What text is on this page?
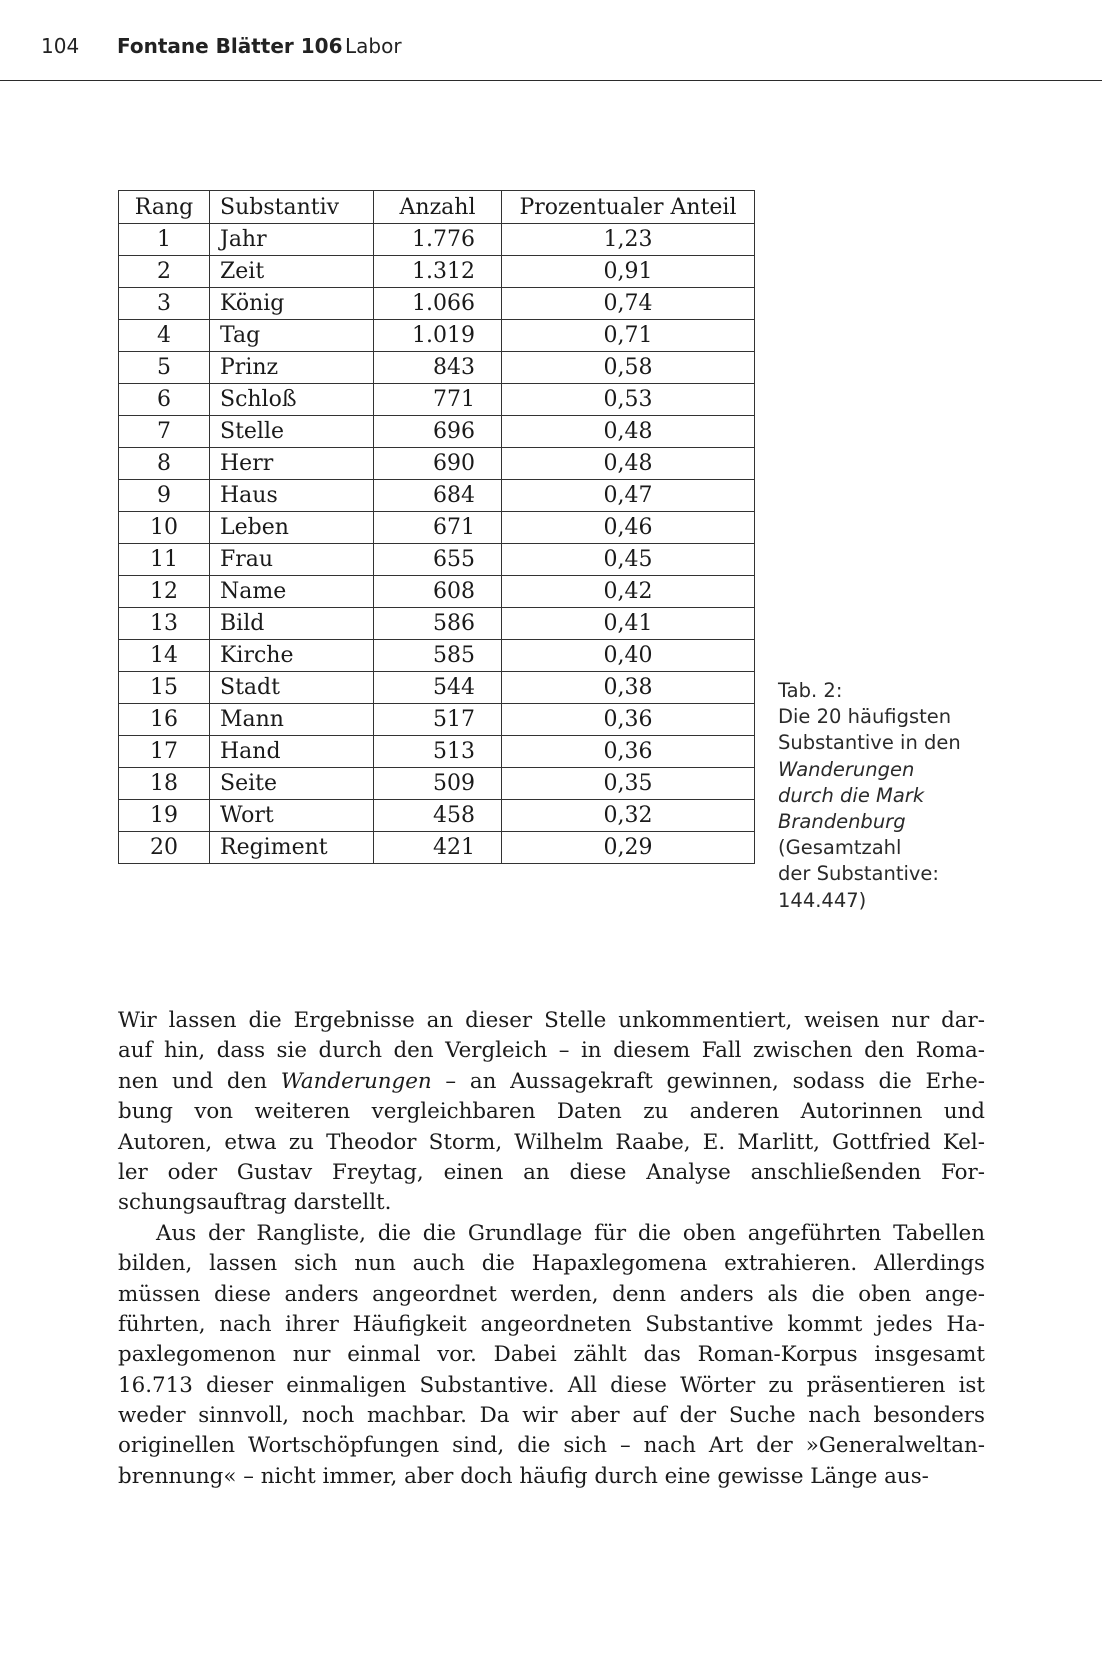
104 Fontane Blätter 106 Labor
Rang	Substantiv	Anzahl	Prozentualer Anteil
1	Jahr	1.776	1,23
2	Zeit	1.312	0,91
3	König	1.066	0,74
4	Tag	1.019	0,71
5	Prinz	843	0,58
6	Schloß	771	0,53
7	Stelle	696	0,48
8	Herr	690	0,48
9	Haus	684	0,47
10	Leben	671	0,46
11	Frau	655	0,45
12	Name	608	0,42
13	Bild	586	0,41
14	Kirche	585	0,40
15	Stadt	544	0,38
16	Mann	517	0,36
17	Hand	513	0,36
18	Seite	509	0,35
19	Wort	458	0,32
20	Regiment	421	0,29
Tab. 2:
Die 20 häufigsten
Substantive in den
Wanderungen
durch die Mark
Brandenburg
(Gesamtzahl
der Substantive:
144.447)
Wir lassen die Ergebnisse an dieser Stelle unkommentiert, weisen nur dar-
auf hin, dass sie durch den Vergleich – in diesem Fall zwischen den Roma-
nen und den Wanderungen – an Aussagekraft gewinnen, sodass die Erhe-
bung von weiteren vergleichbaren Daten zu anderen Autorinnen und
Autoren, etwa zu Theodor Storm, Wilhelm Raabe, E. Marlitt, Gottfried Kel-
ler oder Gustav Freytag, einen an diese Analyse anschließenden For-
schungsauftrag darstellt.
Aus der Rangliste, die die Grundlage für die oben angeführten Tabellen
bilden, lassen sich nun auch die Hapaxlegomena extrahieren. Allerdings
müssen diese anders angeordnet werden, denn anders als die oben ange-
führten, nach ihrer Häufigkeit angeordneten Substantive kommt jedes Ha-
paxlegomenon nur einmal vor. Dabei zählt das Roman-Korpus insgesamt
16.713 dieser einmaligen Substantive. All diese Wörter zu präsentieren ist
weder sinnvoll, noch machbar. Da wir aber auf der Suche nach besonders
originellen Wortschöpfungen sind, die sich – nach Art der »Generalweltan-
brennung« – nicht immer, aber doch häufig durch eine gewisse Länge aus-
